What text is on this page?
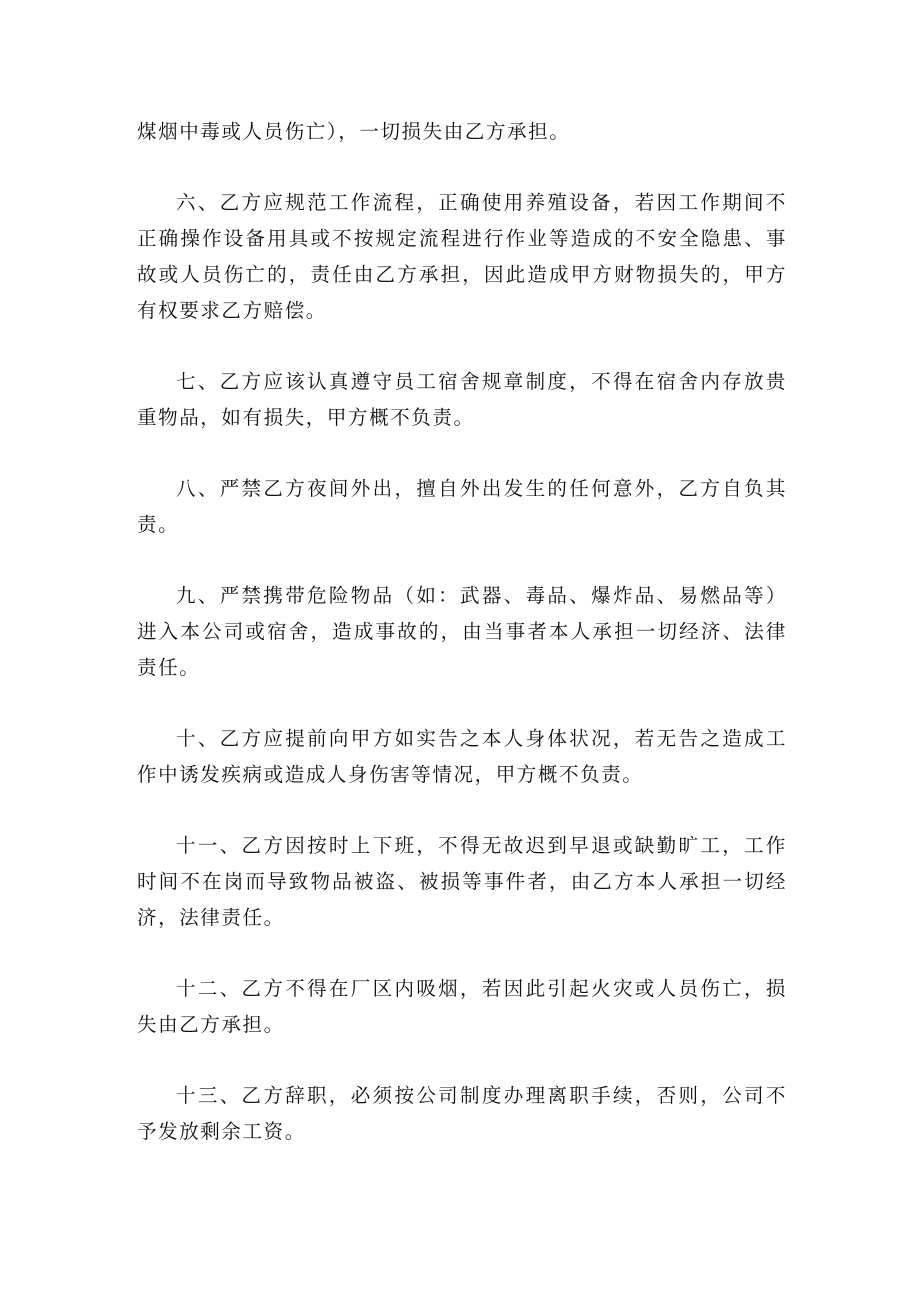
煤烟中毒或人员伤亡），一切损失由乙方承担。

六、乙方应规范工作流程，正确使用养殖设备，若因工作期间不正确操作设备用具或不按规定流程进行作业等造成的不安全隐患、事故或人员伤亡的，责任由乙方承担，因此造成甲方财物损失的，甲方有权要求乙方赔偿。

七、乙方应该认真遵守员工宿舍规章制度，不得在宿舍内存放贵重物品，如有损失，甲方概不负责。

八、严禁乙方夜间外出，擅自外出发生的任何意外，乙方自负其责。

九、严禁携带危险物品（如：武器、毒品、爆炸品、易燃品等）进入本公司或宿舍，造成事故的，由当事者本人承担一切经济、法律责任。

十、乙方应提前向甲方如实告之本人身体状况，若无告之造成工作中诱发疾病或造成人身伤害等情况，甲方概不负责。

十一、乙方因按时上下班，不得无故迟到早退或缺勤旷工，工作时间不在岗而导致物品被盗、被损等事件者，由乙方本人承担一切经济，法律责任。

十二、乙方不得在厂区内吸烟，若因此引起火灾或人员伤亡，损失由乙方承担。

十三、乙方辞职，必须按公司制度办理离职手续，否则，公司不予发放剩余工资。
